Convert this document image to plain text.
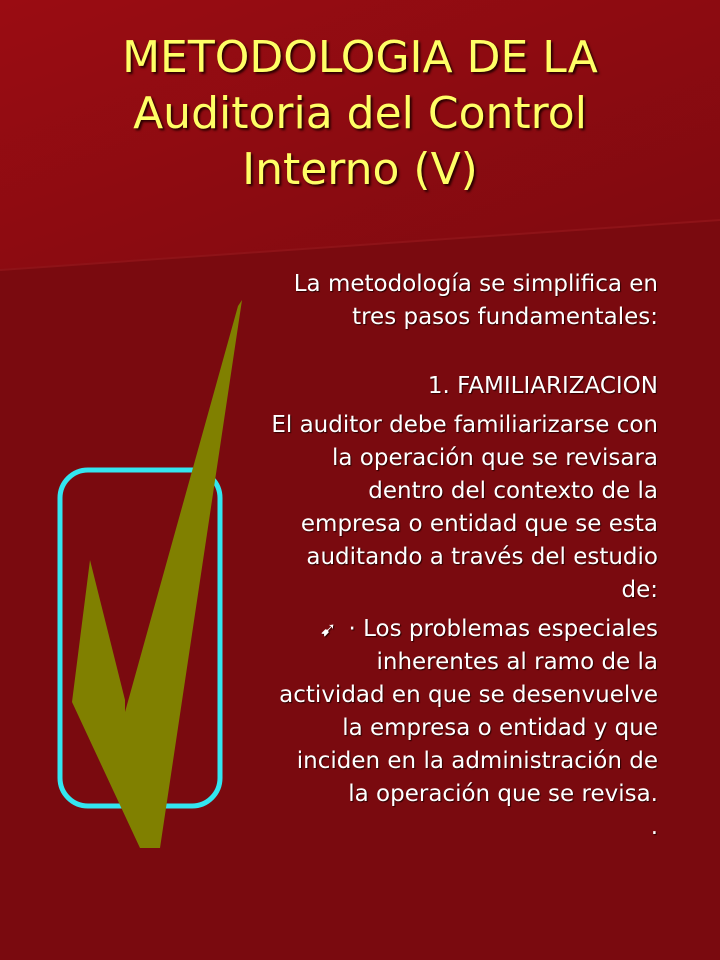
METODOLOGIA DE LA
Auditoria del Control
Interno (V)
La metodología se simplifica en
tres pasos fundamentales:
1. FAMILIARIZACION
El auditor debe familiarizarse con
la operación que se revisara
dentro del contexto de la
empresa o entidad que se esta
auditando a través del estudio
de:
➹ · Los problemas especiales
inherentes al ramo de la
actividad en que se desenvuelve
la empresa o entidad y que
inciden en la administración de
la operación que se revisa.
.
